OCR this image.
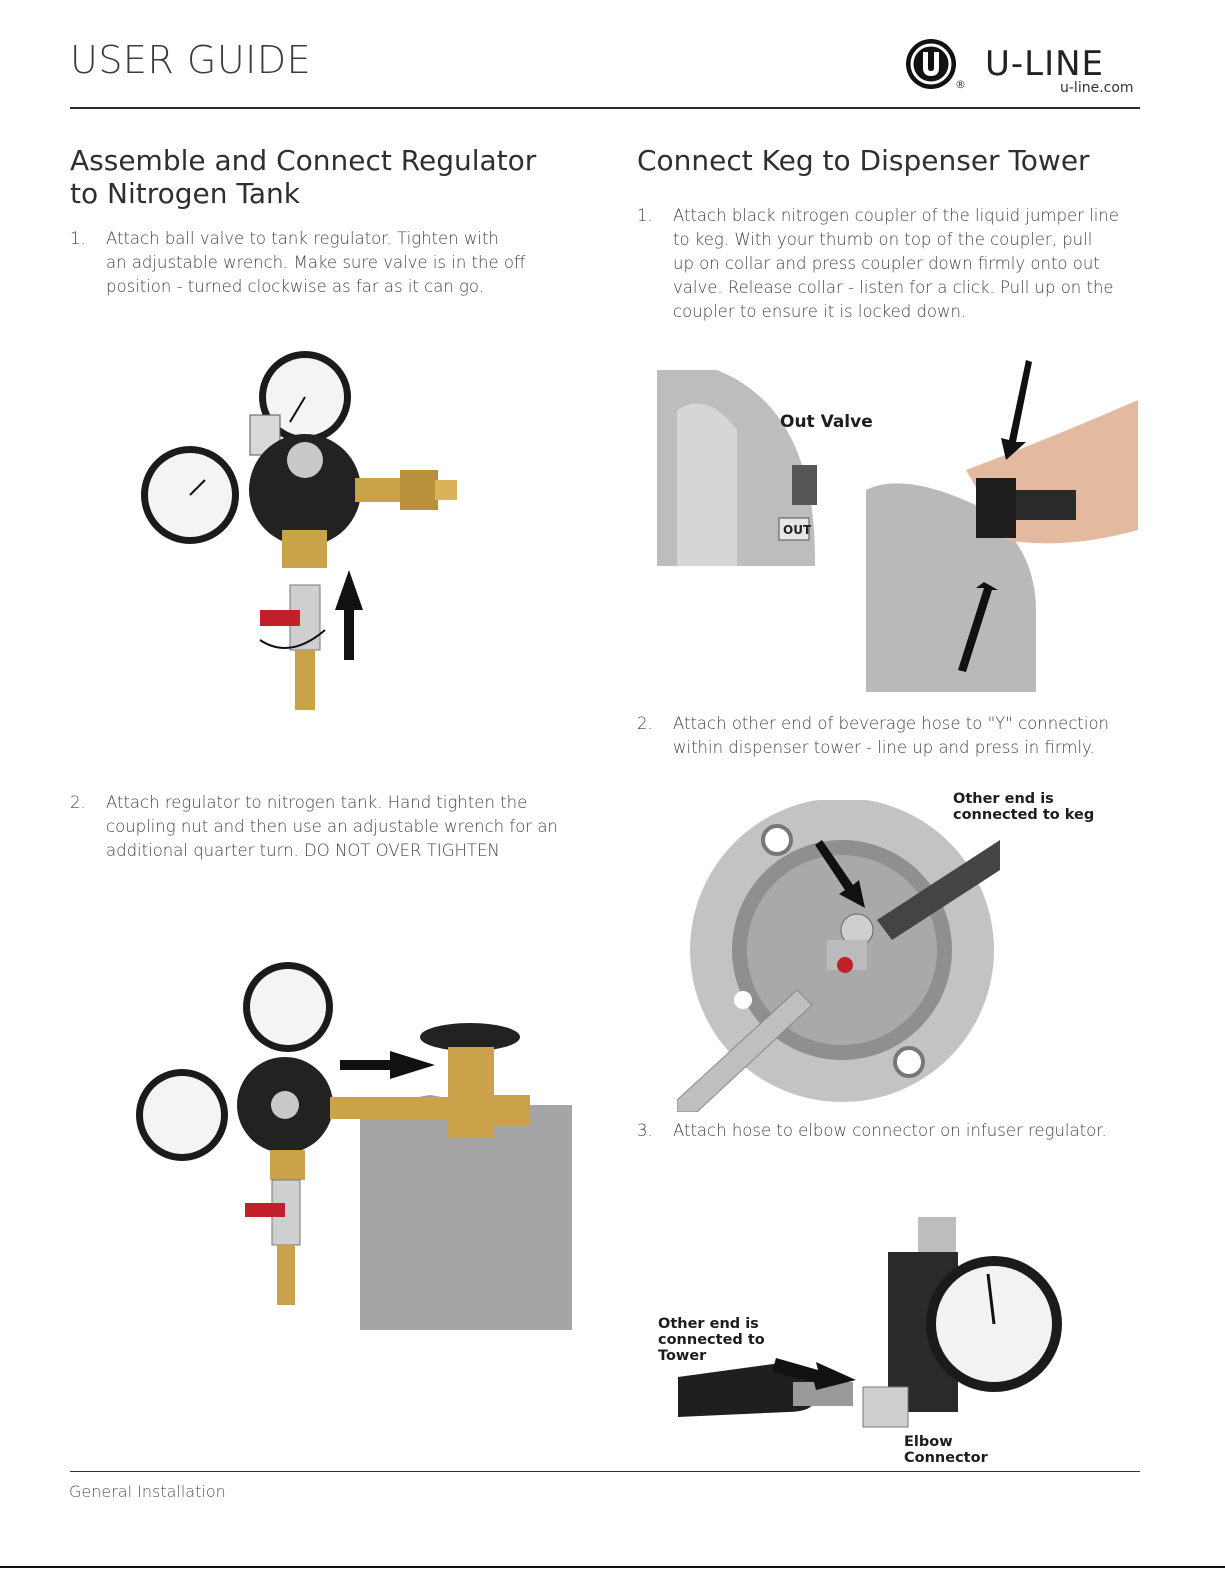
USER GUIDE
®
U-LINE
u-line.com
Assemble and Connect Regulator
to Nitrogen Tank
1. Attach ball valve to tank regulator. Tighten with
an adjustable wrench. Make sure valve is in the off
position - turned clockwise as far as it can go.
2. Attach regulator to nitrogen tank. Hand tighten the
coupling nut and then use an adjustable wrench for an
additional quarter turn. DO NOT OVER TIGHTEN
Connect Keg to Dispenser Tower
1. Attach black nitrogen coupler of the liquid jumper line
to keg. With your thumb on top of the coupler, pull
up on collar and press coupler down firmly onto out
valve. Release collar - listen for a click. Pull up on the
coupler to ensure it is locked down.
OUT
Out Valve
2. Attach other end of beverage hose to "Y" connection
within dispenser tower - line up and press in firmly.
Other end is
connected to keg
3. Attach hose to elbow connector on infuser regulator.
Other end is
connected to
Tower
Elbow
Connector
General Installation
